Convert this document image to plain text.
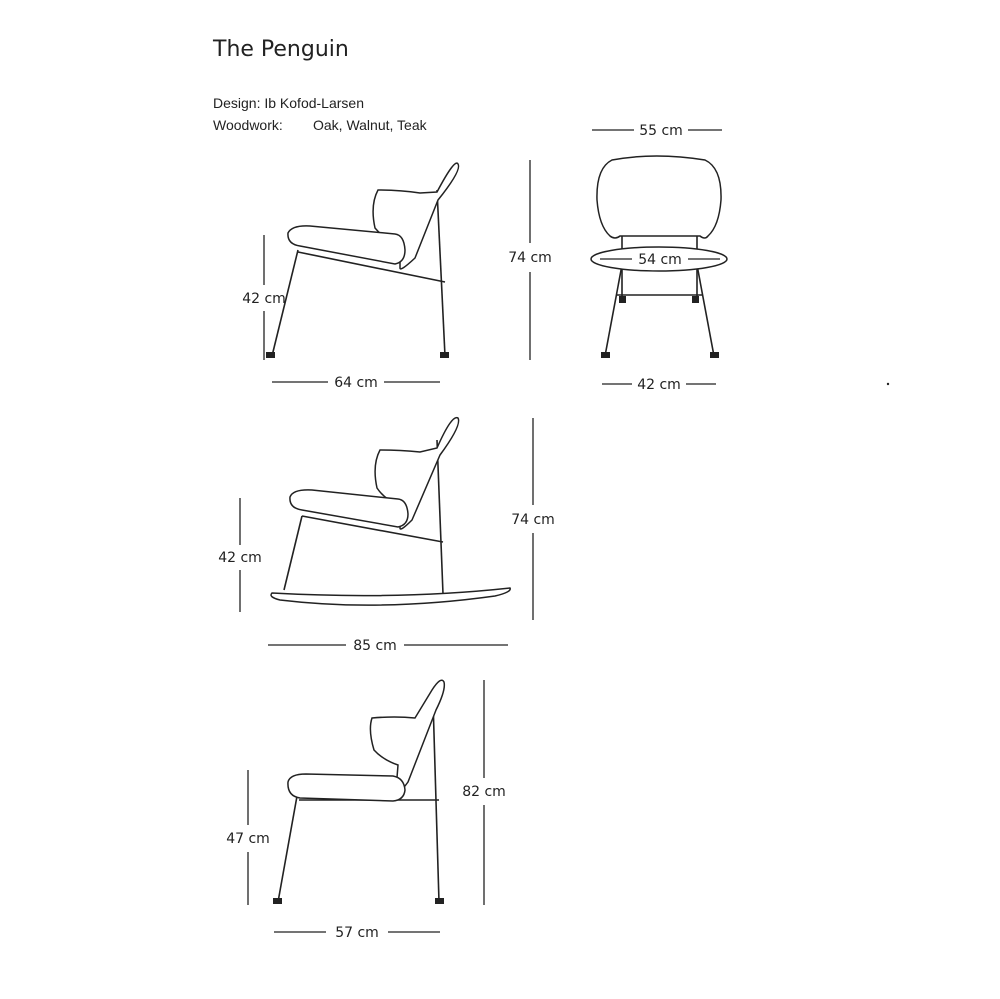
The Penguin
Design: Ib Kofod-Larsen
Woodwork: Oak, Walnut, Teak
42 cm
64 cm
74 cm
55 cm
54 cm
42 cm
42 cm
85 cm
74 cm
47 cm
57 cm
82 cm
